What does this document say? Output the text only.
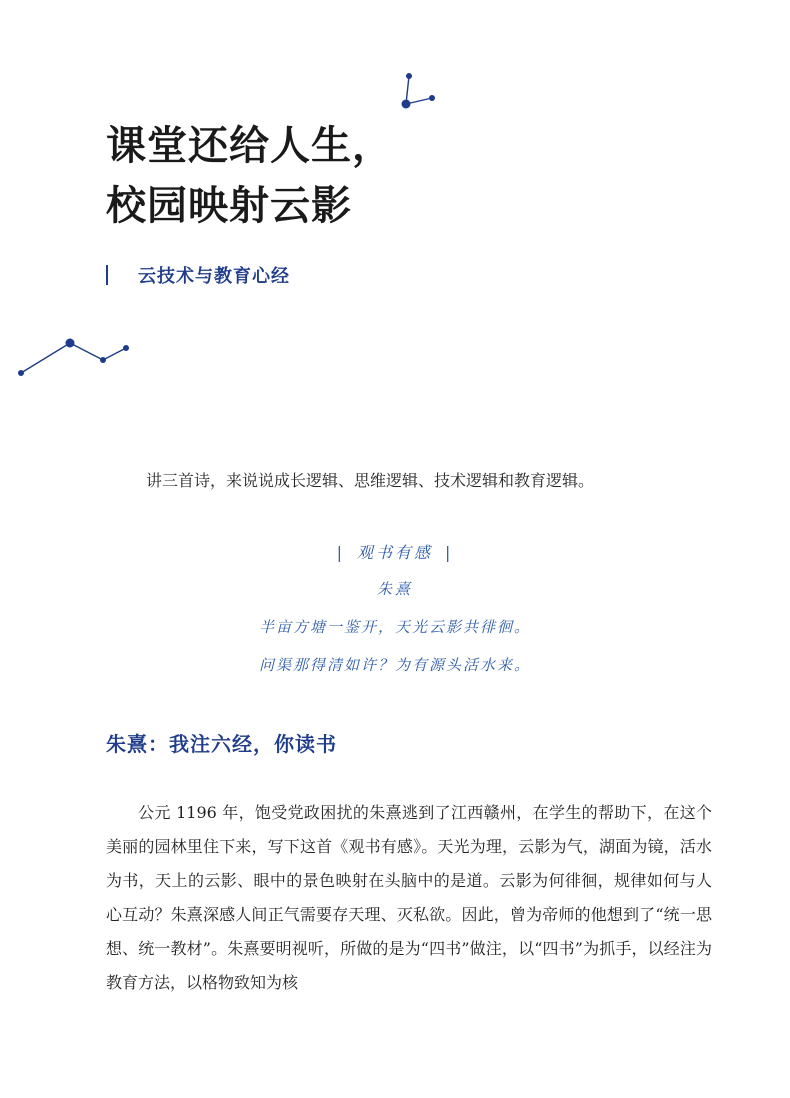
课堂还给人生，
校园映射云影
云技术与教育心经

讲三首诗，来说说成长逻辑、思维逻辑、技术逻辑和教育逻辑。

| 观书有感 |
朱熹
半亩方塘一鉴开，天光云影共徘徊。
问渠那得清如许？为有源头活水来。
朱熹：我注六经，你读书

公元 1196 年，饱受党政困扰的朱熹逃到了江西赣州，在学生的帮助下，在这个美丽的园林里住下来，写下这首《观书有感》。天光为理，云影为气，湖面为镜，活水为书，天上的云影、眼中的景色映射在头脑中的是道。云影为何徘徊，规律如何与人心互动？朱熹深感人间正气需要存天理、灭私欲。因此，曾为帝师的他想到了“统一思想、统一教材”。朱熹要明视听，所做的是为“四书”做注，以“四书”为抓手，以经注为教育方法，以格物致知为核
